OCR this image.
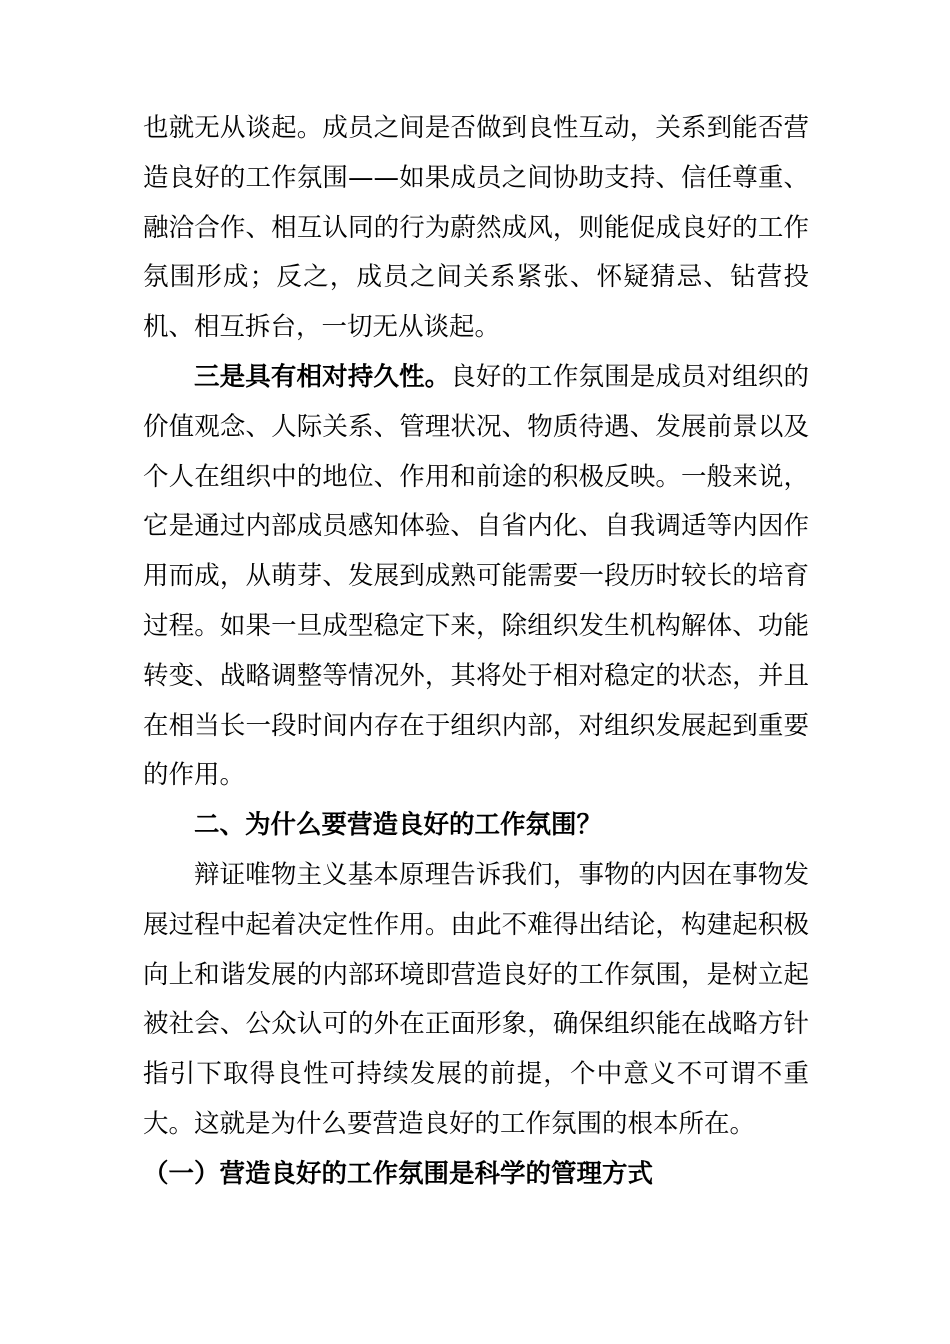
也就无从谈起。成员之间是否做到良性互动，关系到能否营造良好的工作氛围——如果成员之间协助支持、信任尊重、融洽合作、相互认同的行为蔚然成风，则能促成良好的工作氛围形成；反之，成员之间关系紧张、怀疑猜忌、钻营投机、相互拆台，一切无从谈起。

三是具有相对持久性。良好的工作氛围是成员对组织的价值观念、人际关系、管理状况、物质待遇、发展前景以及个人在组织中的地位、作用和前途的积极反映。一般来说，它是通过内部成员感知体验、自省内化、自我调适等内因作用而成，从萌芽、发展到成熟可能需要一段历时较长的培育过程。如果一旦成型稳定下来，除组织发生机构解体、功能转变、战略调整等情况外，其将处于相对稳定的状态，并且在相当长一段时间内存在于组织内部，对组织发展起到重要的作用。

二、为什么要营造良好的工作氛围？

辩证唯物主义基本原理告诉我们，事物的内因在事物发展过程中起着决定性作用。由此不难得出结论，构建起积极向上和谐发展的内部环境即营造良好的工作氛围，是树立起被社会、公众认可的外在正面形象，确保组织能在战略方针指引下取得良性可持续发展的前提，个中意义不可谓不重大。这就是为什么要营造良好的工作氛围的根本所在。

（一）营造良好的工作氛围是科学的管理方式
